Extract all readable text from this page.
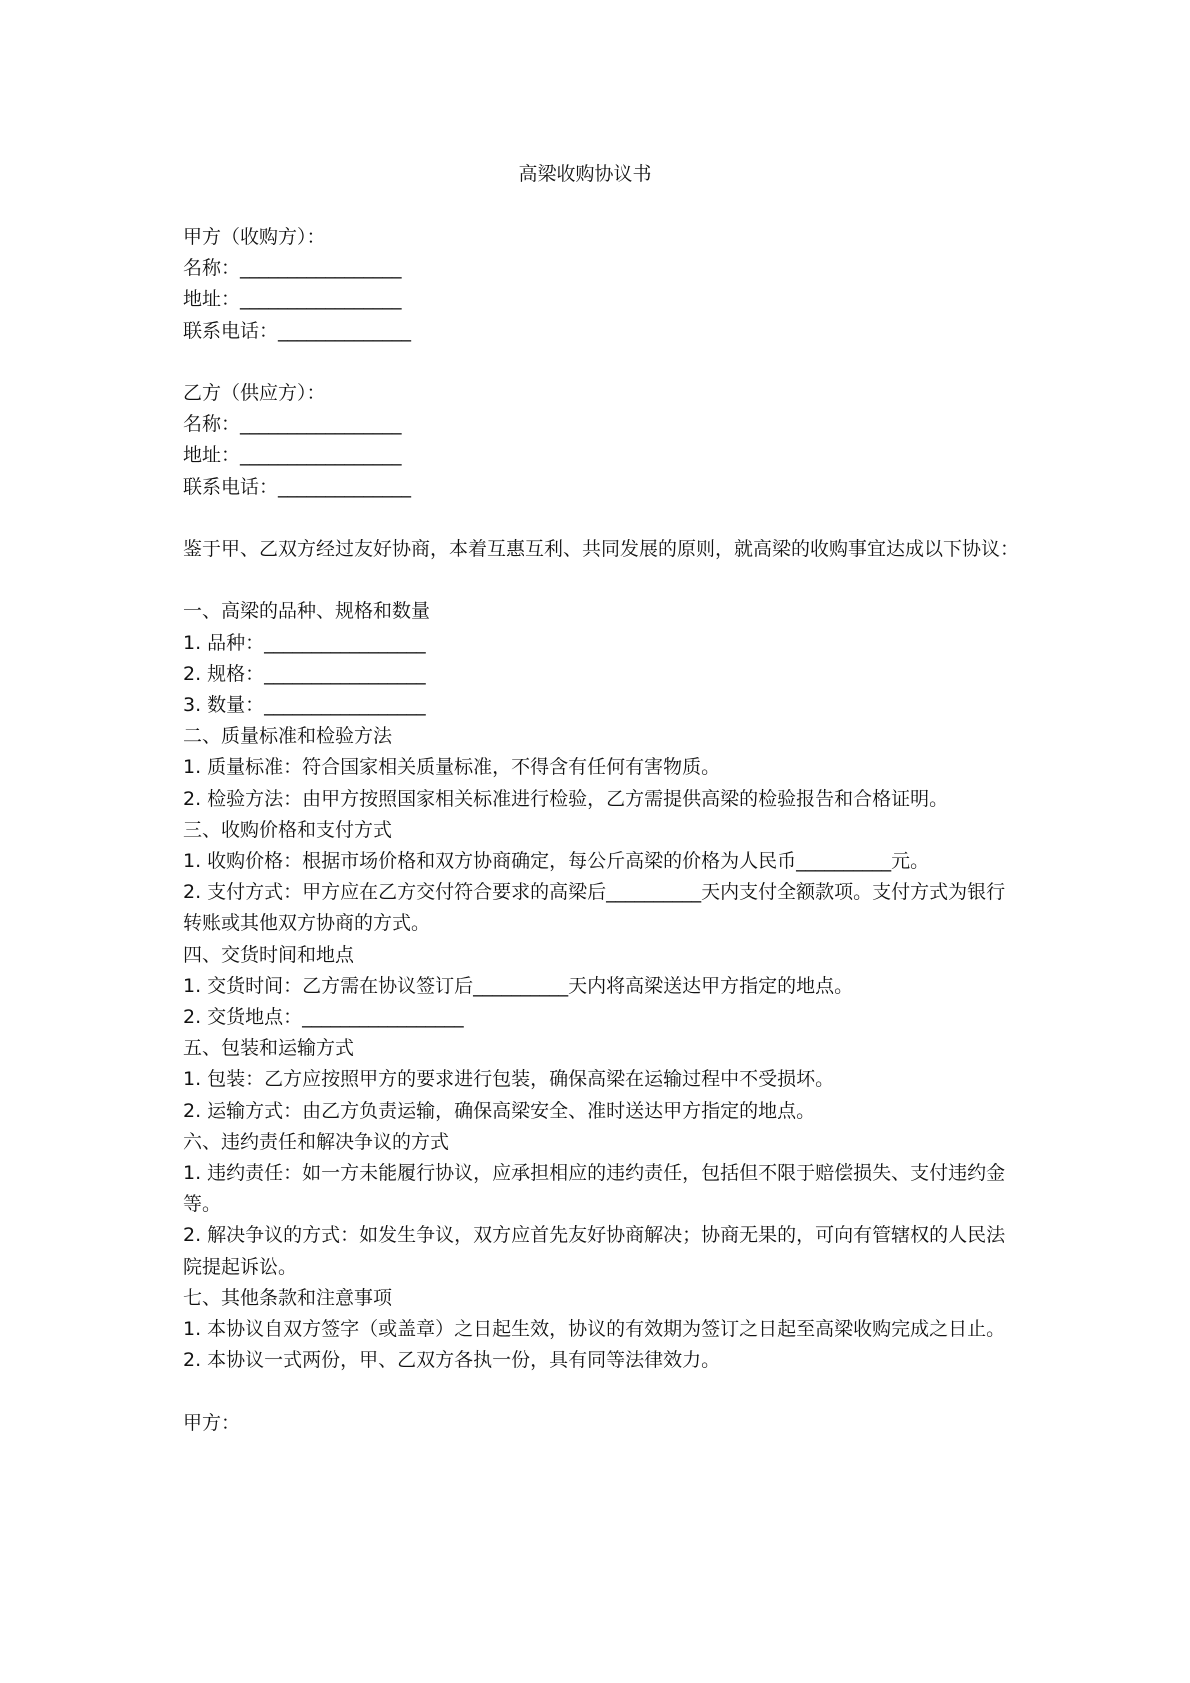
高梁收购协议书
甲方（收购方）：
名称：_________________
地址：_________________
联系电话：______________
乙方（供应方）：
名称：_________________
地址：_________________
联系电话：______________
鉴于甲、乙双方经过友好协商，本着互惠互利、共同发展的原则，就高梁的收购事宜达成以下协议：
一、高梁的品种、规格和数量
1. 品种：_________________
2. 规格：_________________
3. 数量：_________________
二、质量标准和检验方法
1. 质量标准：符合国家相关质量标准，不得含有任何有害物质。
2. 检验方法：由甲方按照国家相关标准进行检验，乙方需提供高梁的检验报告和合格证明。
三、收购价格和支付方式
1. 收购价格：根据市场价格和双方协商确定，每公斤高梁的价格为人民币__________元。
2. 支付方式：甲方应在乙方交付符合要求的高梁后__________天内支付全额款项。支付方式为银行转账或其他双方协商的方式。
四、交货时间和地点
1. 交货时间：乙方需在协议签订后__________天内将高梁送达甲方指定的地点。
2. 交货地点：_________________
五、包装和运输方式
1. 包装：乙方应按照甲方的要求进行包装，确保高梁在运输过程中不受损坏。
2. 运输方式：由乙方负责运输，确保高梁安全、准时送达甲方指定的地点。
六、违约责任和解决争议的方式
1. 违约责任：如一方未能履行协议，应承担相应的违约责任，包括但不限于赔偿损失、支付违约金等。
2. 解决争议的方式：如发生争议，双方应首先友好协商解决；协商无果的，可向有管辖权的人民法院提起诉讼。
七、其他条款和注意事项
1. 本协议自双方签字（或盖章）之日起生效，协议的有效期为签订之日起至高梁收购完成之日止。
2. 本协议一式两份，甲、乙双方各执一份，具有同等法律效力。
甲方：
